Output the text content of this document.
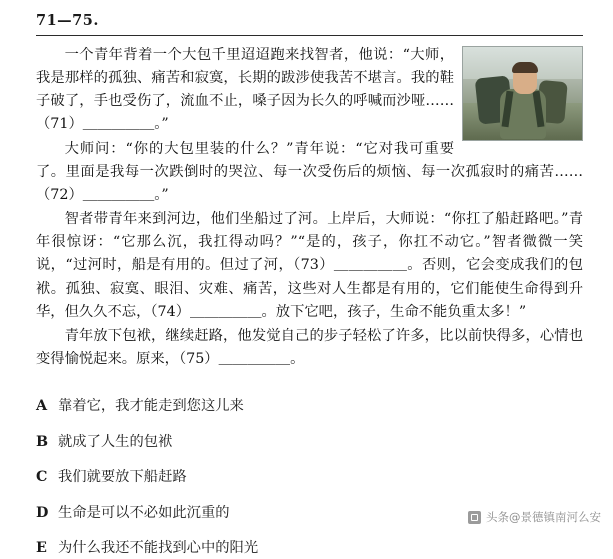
71—75.

一个青年背着一个大包千里迢迢跑来找智者，他说：“大师，我是那样的孤独、痛苦和寂寞，长期的跋涉使我苦不堪言。我的鞋子破了，手也受伤了，流血不止，嗓子因为长久的呼喊而沙哑……（71）＿＿＿＿＿。”

大师问：“你的大包里装的什么？”青年说：“它对我可重要了。里面是我每一次跌倒时的哭泣、每一次受伤后的烦恼、每一次孤寂时的痛苦……（72）＿＿＿＿＿。”

智者带青年来到河边，他们坐船过了河。上岸后，大师说：“你扛了船赶路吧。”青年很惊讶：“它那么沉，我扛得动吗？”“是的，孩子，你扛不动它。”智者微微一笑说，“过河时，船是有用的。但过了河，（73）＿＿＿＿＿。否则，它会变成我们的包袱。孤独、寂寞、眼泪、灾难、痛苦，这些对人生都是有用的，它们能使生命得到升华，但久久不忘，（74）＿＿＿＿＿。放下它吧，孩子，生命不能负重太多！”

青年放下包袱，继续赶路，他发觉自己的步子轻松了许多，比以前快得多，心情也变得愉悦起来。原来，（75）＿＿＿＿＿。

A 靠着它，我才能走到您这儿来
B 就成了人生的包袱
C 我们就要放下船赶路
D 生命是可以不必如此沉重的
E 为什么我还不能找到心中的阳光
头条@景德镇南河么安
